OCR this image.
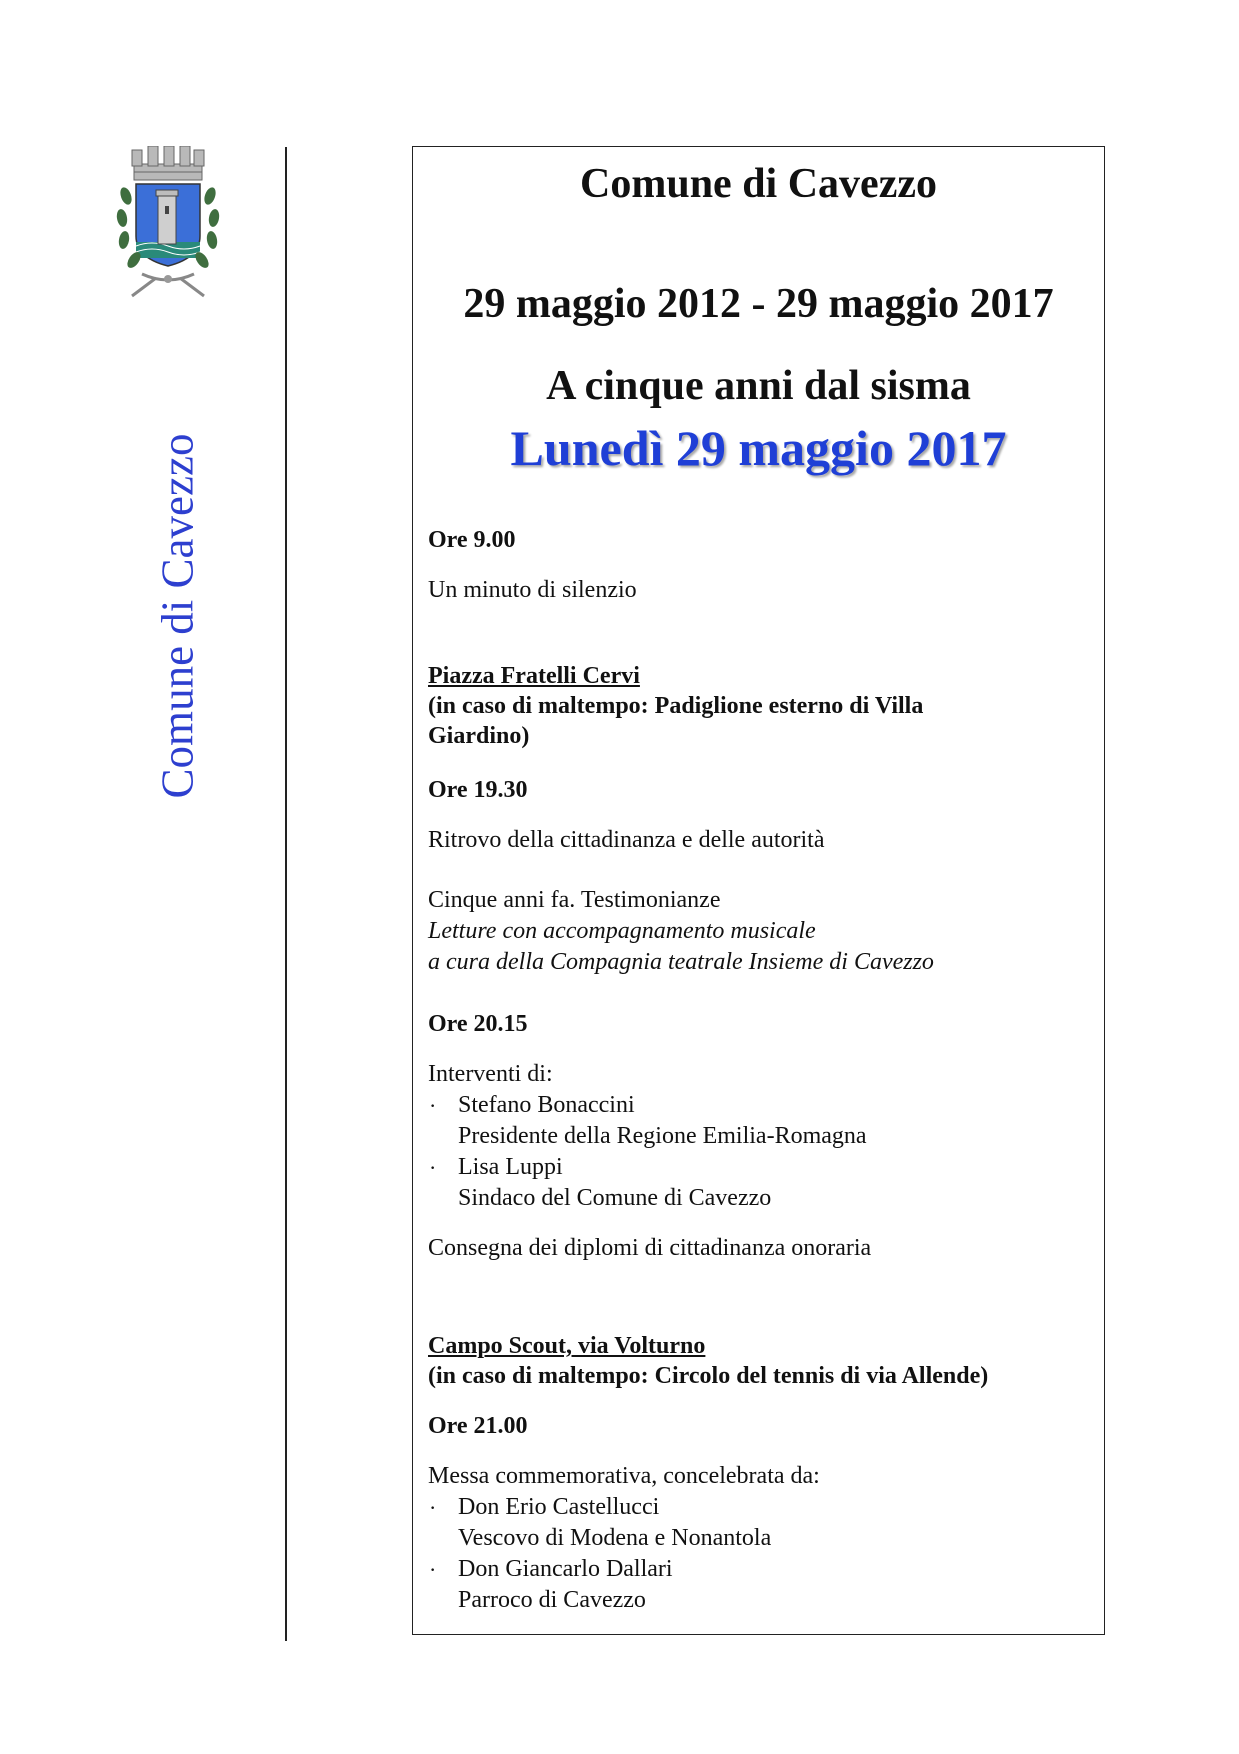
Comune di Cavezzo
Comune di Cavezzo
29 maggio 2012 - 29 maggio 2017
A cinque anni dal sisma
Lunedì 29 maggio 2017
Ore 9.00
Un minuto di silenzio
Piazza Fratelli Cervi
(in caso di maltempo: Padiglione esterno di Villa
Giardino)
Ore 19.30
Ritrovo della cittadinanza e delle autorità
Cinque anni fa. Testimonianze
Letture con accompagnamento musicale
a cura della Compagnia teatrale Insieme di Cavezzo
Ore 20.15
Interventi di:
· Stefano Bonaccini
Presidente della Regione Emilia-Romagna
· Lisa Luppi
Sindaco del Comune di Cavezzo
Consegna dei diplomi di cittadinanza onoraria
Campo Scout, via Volturno
(in caso di maltempo: Circolo del tennis di via Allende)
Ore 21.00
Messa commemorativa, concelebrata da:
· Don Erio Castellucci
Vescovo di Modena e Nonantola
· Don Giancarlo Dallari
Parroco di Cavezzo
